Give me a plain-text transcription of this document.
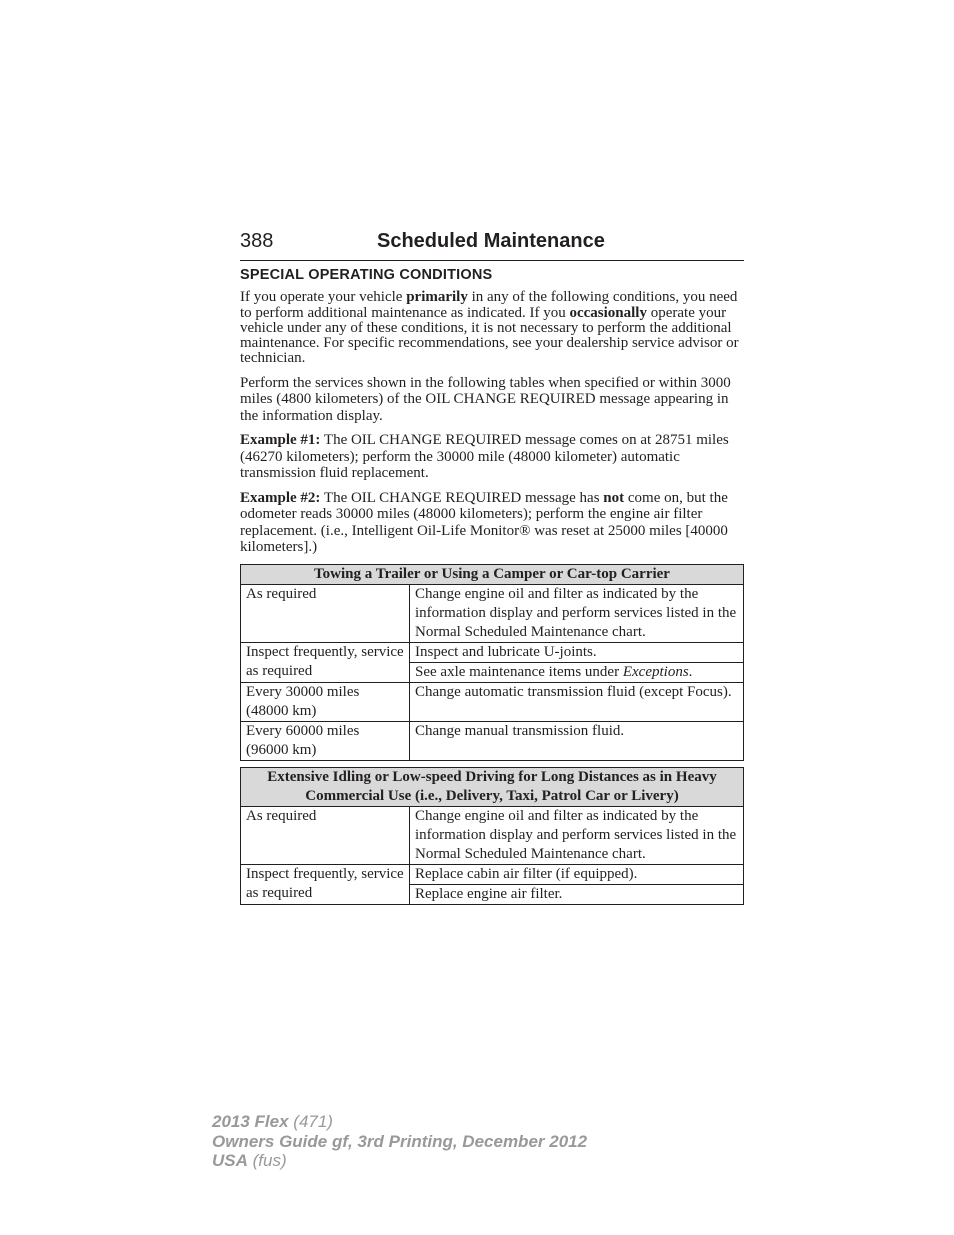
388	Scheduled Maintenance
SPECIAL OPERATING CONDITIONS

If you operate your vehicle primarily in any of the following conditions, you need to perform additional maintenance as indicated. If you occasionally operate your vehicle under any of these conditions, it is not necessary to perform the additional maintenance. For specific recommendations, see your dealership service advisor or technician.

Perform the services shown in the following tables when specified or within 3000 miles (4800 kilometers) of the OIL CHANGE REQUIRED message appearing in the information display.

Example #1: The OIL CHANGE REQUIRED message comes on at 28751 miles (46270 kilometers); perform the 30000 mile (48000 kilometer) automatic transmission fluid replacement.

Example #2: The OIL CHANGE REQUIRED message has not come on, but the odometer reads 30000 miles (48000 kilometers); perform the engine air filter replacement. (i.e., Intelligent Oil-Life Monitor® was reset at 25000 miles [40000 kilometers].)

Towing a Trailer or Using a Camper or Car-top Carrier	
As required	Change engine oil and filter as indicated by the information display and perform services listed in the Normal Scheduled Maintenance chart.
Inspect frequently, service as required	Inspect and lubricate U-joints.
	See axle maintenance items under Exceptions.
Every 30000 miles (48000 km)	Change automatic transmission fluid (except Focus).
Every 60000 miles (96000 km)	Change manual transmission fluid.
Extensive Idling or Low-speed Driving for Long Distances as in Heavy Commercial Use (i.e., Delivery, Taxi, Patrol Car or Livery)	
As required	Change engine oil and filter as indicated by the information display and perform services listed in the Normal Scheduled Maintenance chart.
Inspect frequently, service as required	Replace cabin air filter (if equipped).
	Replace engine air filter.
2013 Flex (471)
Owners Guide gf, 3rd Printing, December 2012
USA (fus)
